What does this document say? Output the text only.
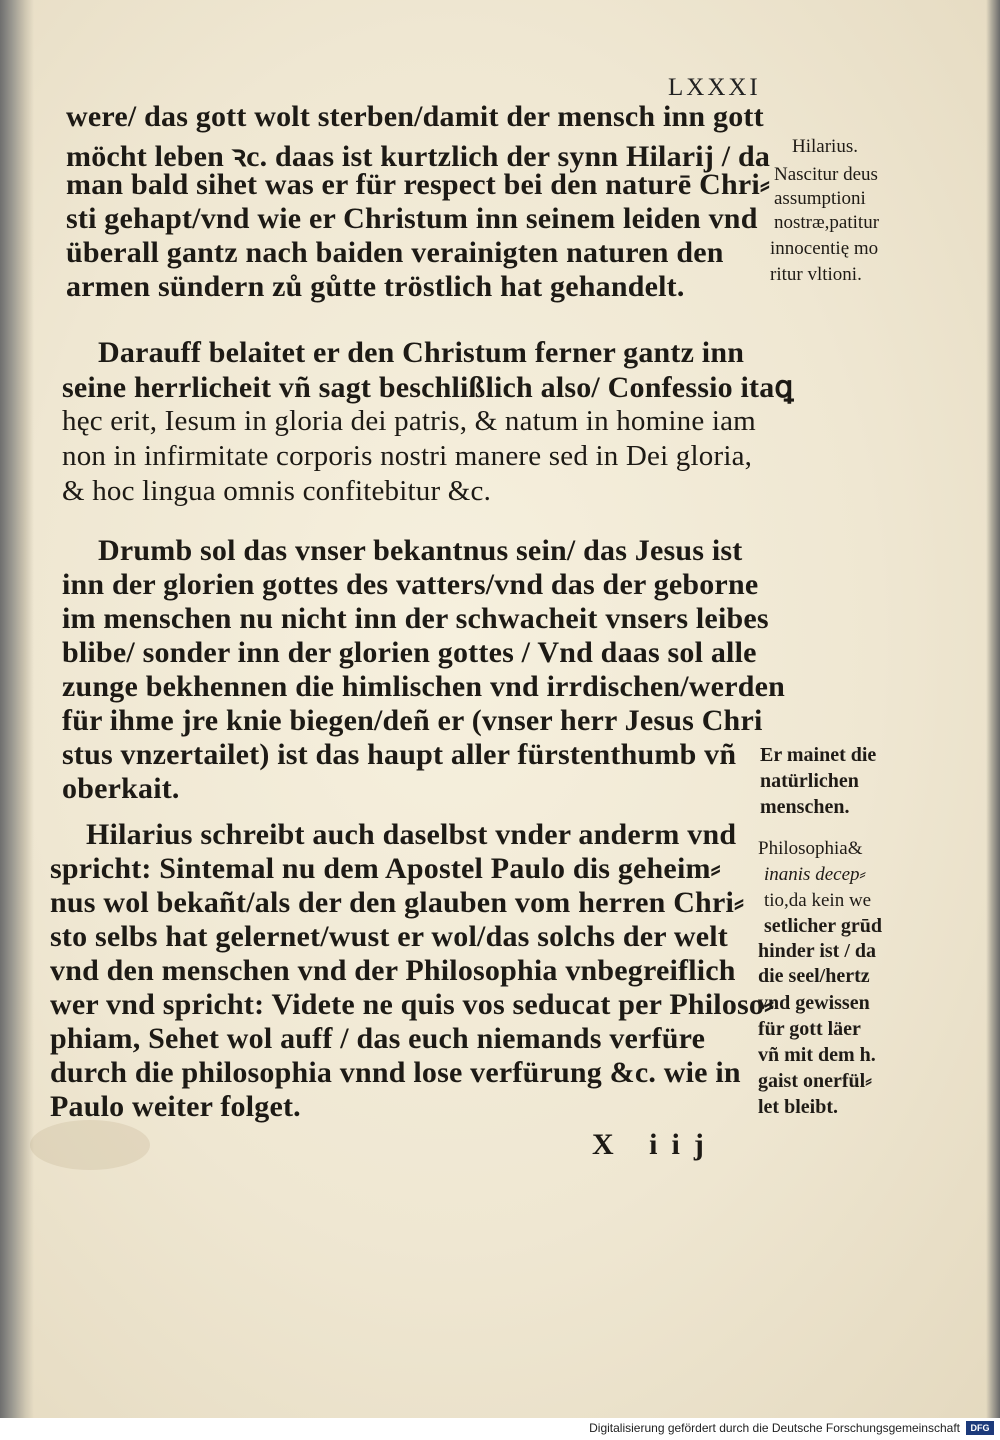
LXXXI
were/ das gott wolt sterben/damit der mensch inn gott
möcht leben ꝛc. daas ist kurtzlich der synn Hilarij / da
man bald sihet was er für respect bei den naturē Chri⸗
sti gehapt/vnd wie er Christum inn seinem leiden vnd
überall gantz nach baiden verainigten naturen den
armen sündern zů gůtte tröstlich hat gehandelt.
Darauff belaitet er den Christum ferner gantz inn
seine herrlicheit vñ sagt beschlißlich also/ Confessio itaꝗ
hęc erit, Iesum in gloria dei patris, & natum in homine iam
non in infirmitate corporis nostri manere sed in Dei gloria,
& hoc lingua omnis confitebitur &c.
Drumb sol das vnser bekantnus sein/ das Jesus ist
inn der glorien gottes des vatters/vnd das der geborne
im menschen nu nicht inn der schwacheit vnsers leibes
blibe/ sonder inn der glorien gottes / Vnd daas sol alle
zunge bekhennen die himlischen vnd irrdischen/werden
für ihme jre knie biegen/deñ er (vnser herr Jesus Chri
stus vnzertailet) ist das haupt aller fürstenthumb vñ
oberkait.
Hilarius schreibt auch daselbst vnder anderm vnd
spricht: Sintemal nu dem Apostel Paulo dis geheim⸗
nus wol bekañt/als der den glauben vom herren Chri⸗
sto selbs hat gelernet/wust er wol/das solchs der welt
vnd den menschen vnd der Philosophia vnbegreiflich
wer vnd spricht: Videte ne quis vos seducat per Philoso⸗
phiam, Sehet wol auff / das euch niemands verfüre
durch die philosophia vnnd lose verfürung &c. wie in
Paulo weiter folget.
Hilarius.
Nascitur deus
assumptioni
nostræ,patitur
innocentię mo
ritur vltioni.
Er mainet die
natürlichen
menschen.
Philosophia&
inanis decep⸗
tio,da kein we
setlicher grūd
hinder ist / da
die seel/hertz
vnd gewissen
für gott läer
vñ mit dem h.
gaist onerfül⸗
let bleibt.
X iij
Digitalisierung gefördert durch die Deutsche Forschungsgemeinschaft	DFG
